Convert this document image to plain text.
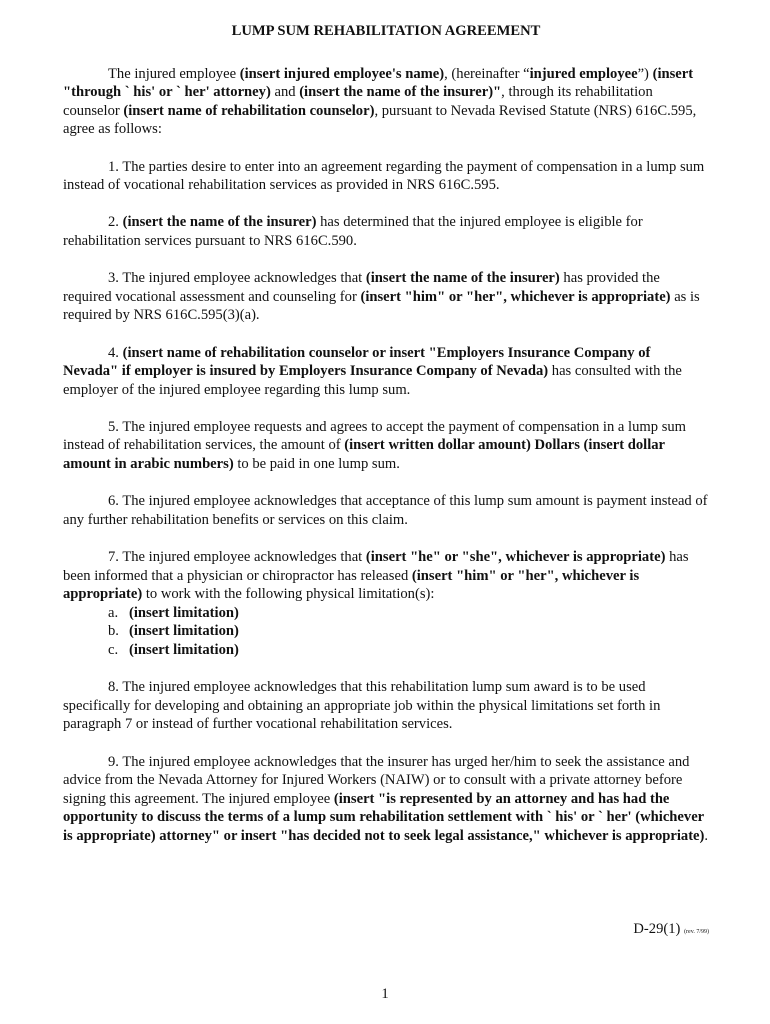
LUMP SUM REHABILITATION AGREEMENT

The injured employee (insert injured employee's name), (hereinafter “injured employee”) (insert "through ` his' or ` her' attorney) and (insert the name of the insurer)", through its rehabilitation counselor (insert name of rehabilitation counselor), pursuant to Nevada Revised Statute (NRS) 616C.595, agree as follows:

1. The parties desire to enter into an agreement regarding the payment of compensation in a lump sum instead of vocational rehabilitation services as provided in NRS 616C.595.

2. (insert the name of the insurer) has determined that the injured employee is eligible for rehabilitation services pursuant to NRS 616C.590.

3. The injured employee acknowledges that (insert the name of the insurer) has provided the required vocational assessment and counseling for (insert "him" or "her", whichever is appropriate) as is required by NRS 616C.595(3)(a).

4. (insert name of rehabilitation counselor or insert "Employers Insurance Company of Nevada" if employer is insured by Employers Insurance Company of Nevada) has consulted with the employer of the injured employee regarding this lump sum.

5. The injured employee requests and agrees to accept the payment of compensation in a lump sum instead of rehabilitation services, the amount of (insert written dollar amount) Dollars (insert dollar amount in arabic numbers) to be paid in one lump sum.

6. The injured employee acknowledges that acceptance of this lump sum amount is payment instead of any further rehabilitation benefits or services on this claim.

7. The injured employee acknowledges that (insert "he" or "she", whichever is appropriate) has been informed that a physician or chiropractor has released (insert "him" or "her", whichever is appropriate) to work with the following physical limitation(s):

a. (insert limitation)
b. (insert limitation)
c. (insert limitation)

8. The injured employee acknowledges that this rehabilitation lump sum award is to be used specifically for developing and obtaining an appropriate job within the physical limitations set forth in paragraph 7 or instead of further vocational rehabilitation services.

9. The injured employee acknowledges that the insurer has urged her/him to seek the assistance and advice from the Nevada Attorney for Injured Workers (NAIW) or to consult with a private attorney before signing this agreement. The injured employee (insert "is represented by an attorney and has had the opportunity to discuss the terms of a lump sum rehabilitation settlement with ` his' or ` her' (whichever is appropriate) attorney" or insert "has decided not to seek legal assistance," whichever is appropriate).

D-29(1) (rev. 7/99)
1
